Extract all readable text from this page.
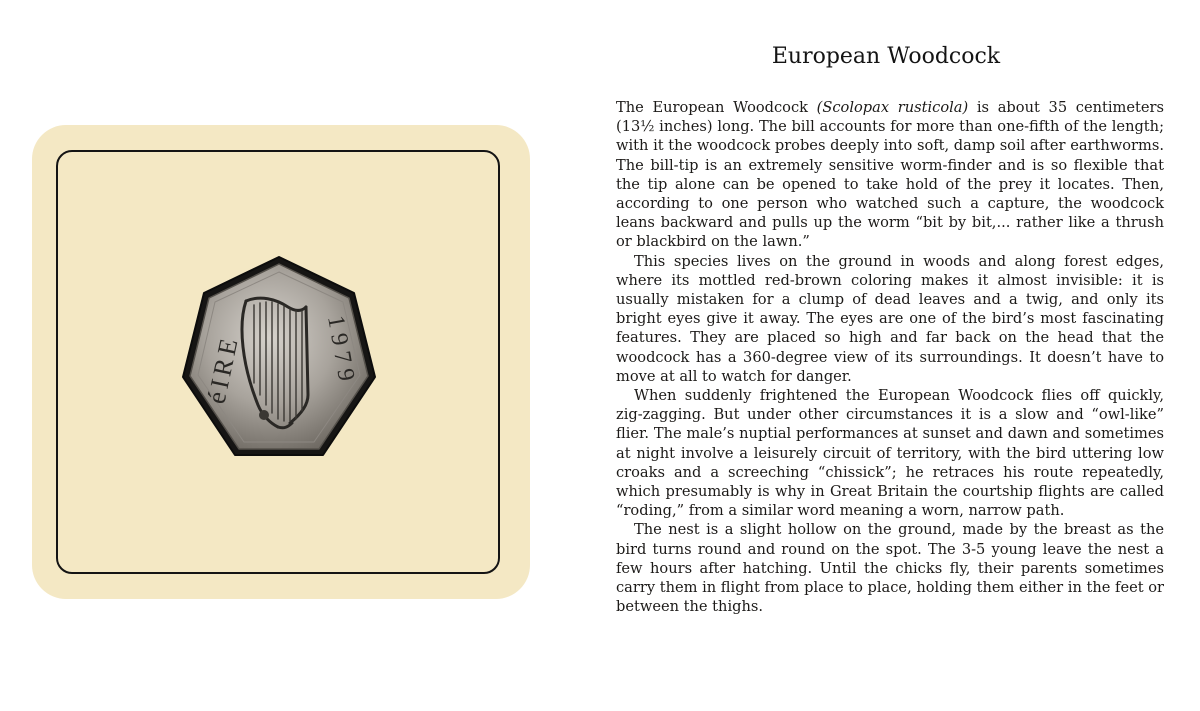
éIRE	1979
European Woodcock

The European Woodcock (Scolopax rusticola) is about 35 centimeters (13½ inches) long. The bill accounts for more than one-fifth of the length; with it the woodcock probes deeply into soft, damp soil after earthworms. The bill-tip is an extremely sensitive worm-finder and is so flexible that the tip alone can be opened to take hold of the prey it locates. Then, according to one person who watched such a capture, the woodcock leans backward and pulls up the worm “bit by bit,... rather like a thrush or blackbird on the lawn.”

This species lives on the ground in woods and along forest edges, where its mottled red-brown coloring makes it almost invisible: it is usually mistaken for a clump of dead leaves and a twig, and only its bright eyes give it away. The eyes are one of the bird’s most fascinating features. They are placed so high and far back on the head that the woodcock has a 360-degree view of its surroundings. It doesn’t have to move at all to watch for danger.

When suddenly frightened the European Woodcock flies off quickly, zig-zagging. But under other circumstances it is a slow and “owl-like” flier. The male’s nuptial performances at sunset and dawn and sometimes at night involve a leisurely circuit of territory, with the bird uttering low croaks and a screeching “chissick”; he retraces his route repeatedly, which presumably is why in Great Britain the courtship flights are called “roding,” from a similar word meaning a worn, narrow path.

The nest is a slight hollow on the ground, made by the breast as the bird turns round and round on the spot. The 3-5 young leave the nest a few hours after hatching. Until the chicks fly, their parents sometimes carry them in flight from place to place, holding them either in the feet or between the thighs.
